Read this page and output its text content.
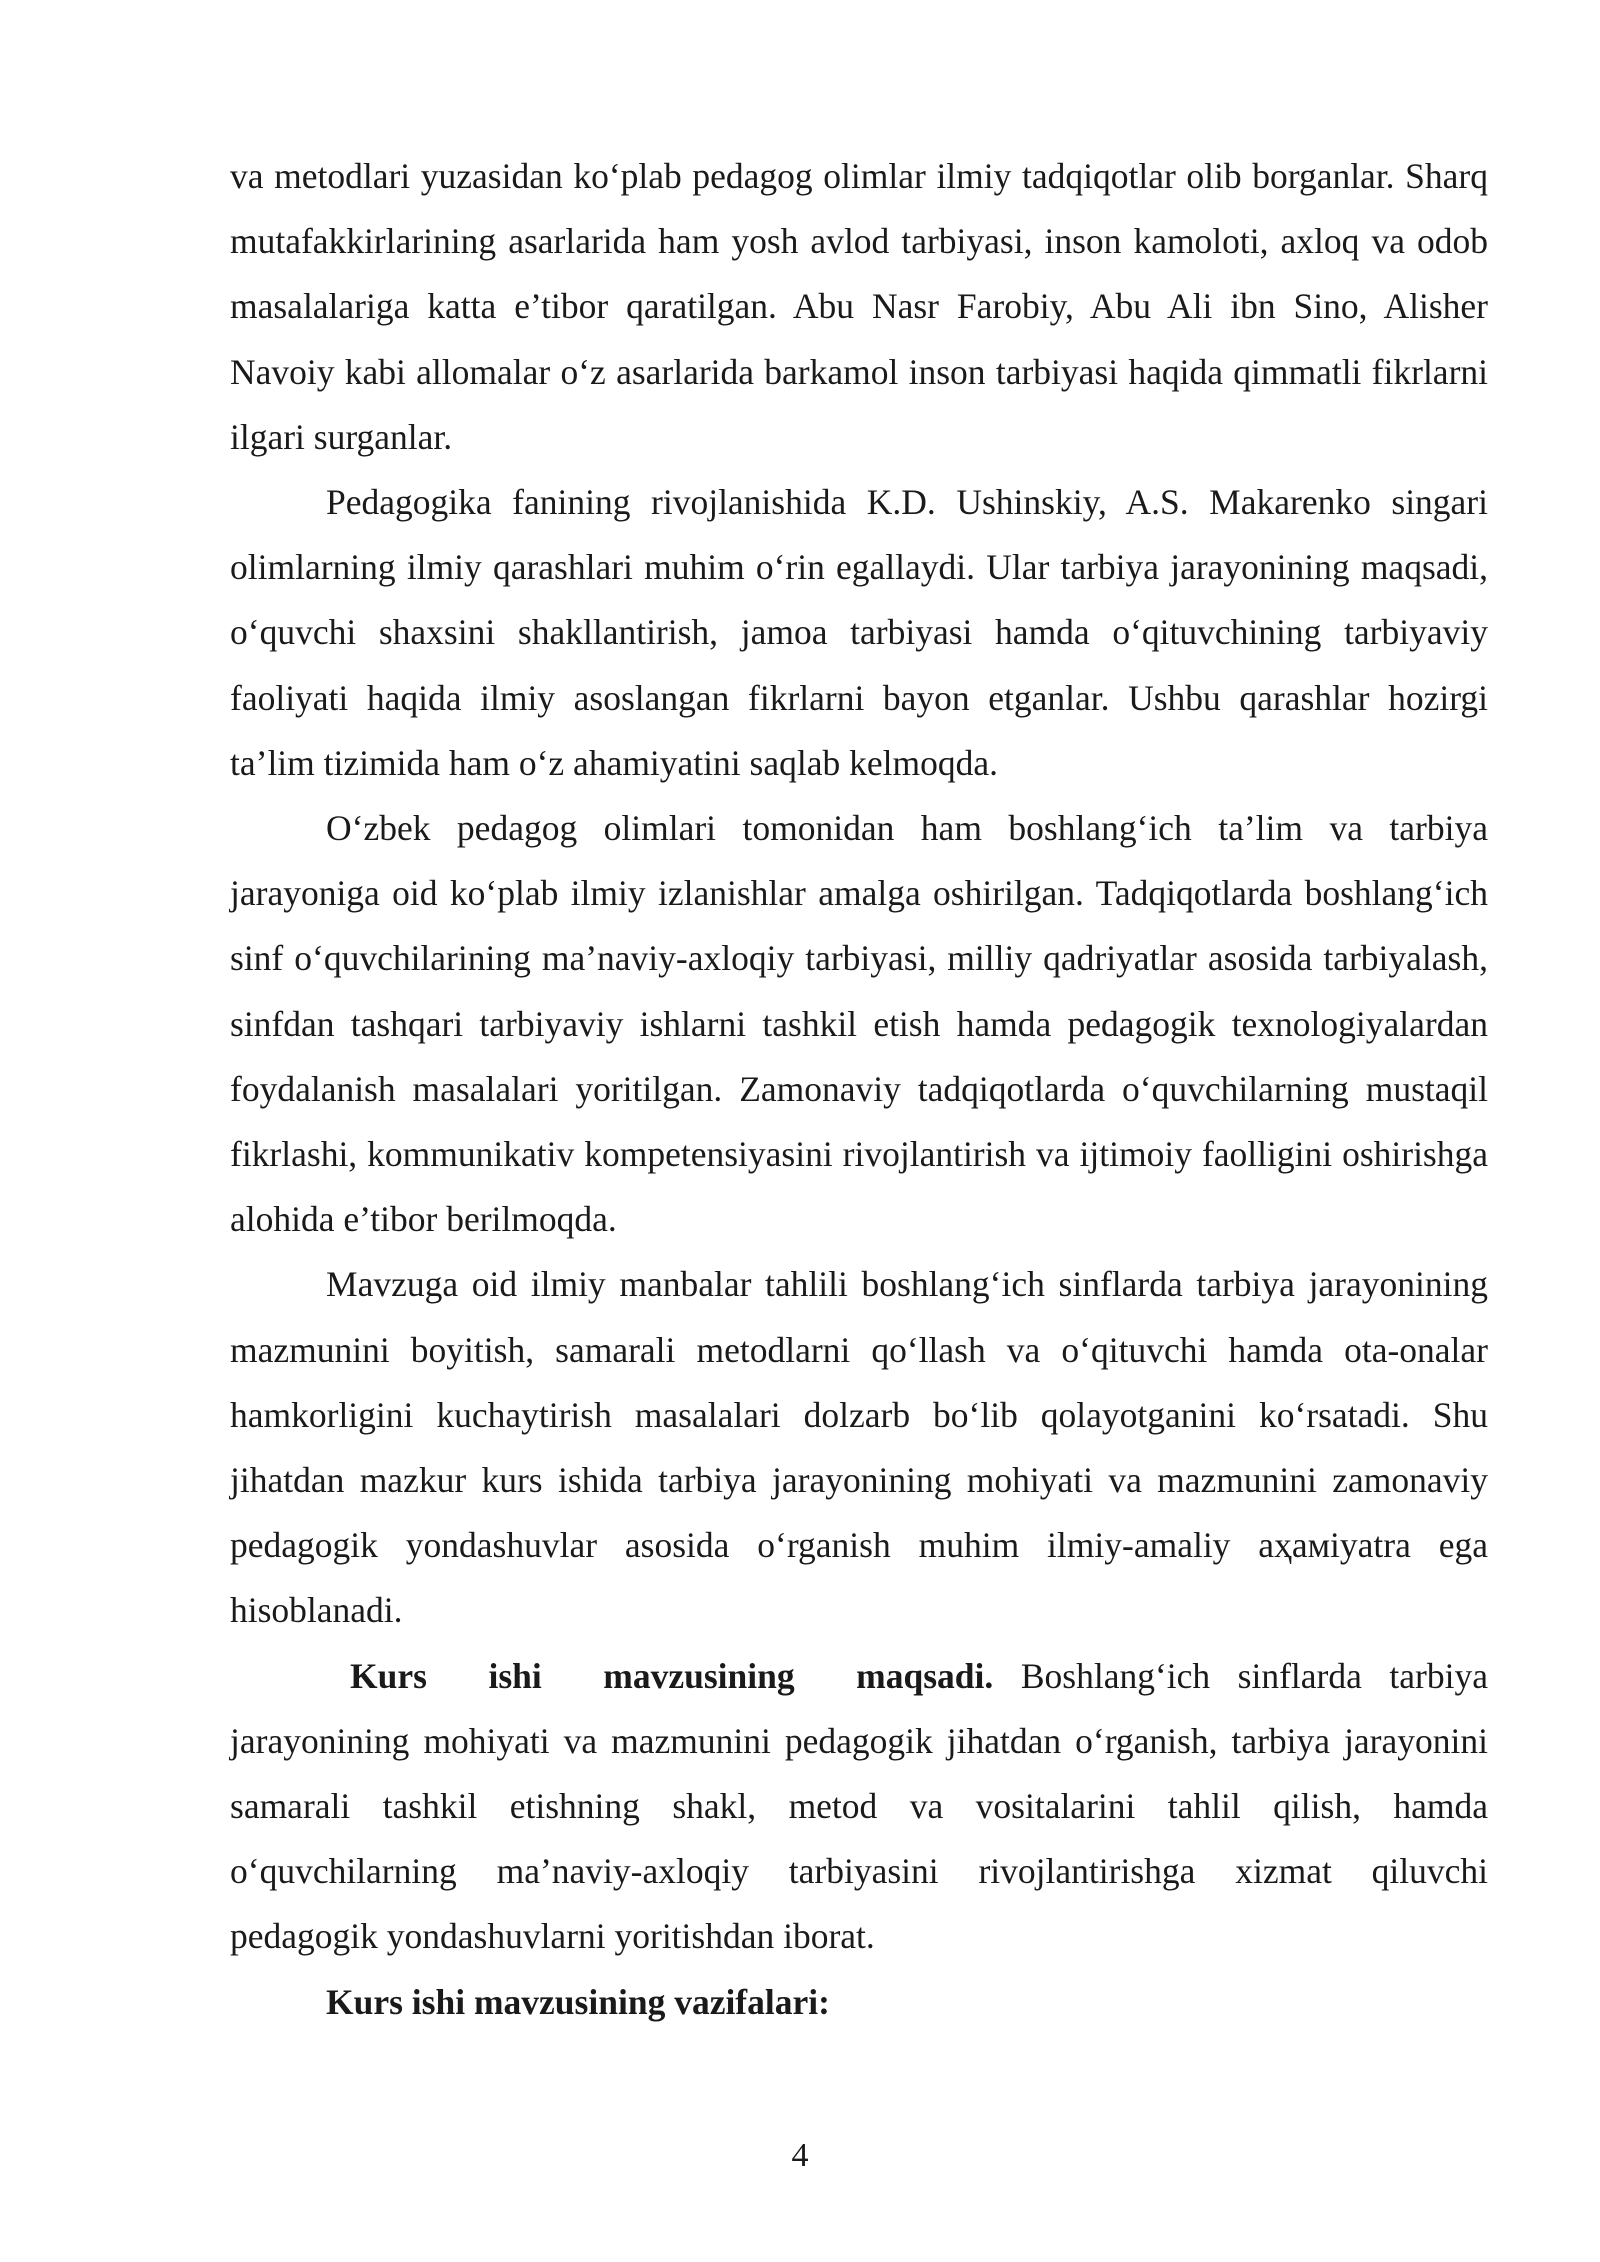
va metodlari yuzasidan ko‘plab pedagog olimlar ilmiy tadqiqotlar olib borganlar. Sharq mutafakkirlarining asarlarida ham yosh avlod tarbiyasi, inson kamoloti, axloq va odob masalalariga katta e’tibor qaratilgan. Abu Nasr Farobiy, Abu Ali ibn Sino, Alisher Navoiy kabi allomalar o‘z asarlarida barkamol inson tarbiyasi haqida qimmatli fikrlarni ilgari surganlar.

Pedagogika fanining rivojlanishida K.D. Ushinskiy, A.S. Makarenko singari olimlarning ilmiy qarashlari muhim o‘rin egallaydi. Ular tarbiya jarayonining maqsadi, o‘quvchi shaxsini shakllantirish, jamoa tarbiyasi hamda o‘qituvchining tarbiyaviy faoliyati haqida ilmiy asoslangan fikrlarni bayon etganlar. Ushbu qarashlar hozirgi ta’lim tizimida ham o‘z ahamiyatini saqlab kelmoqda.

O‘zbek pedagog olimlari tomonidan ham boshlang‘ich ta’lim va tarbiya jarayoniga oid ko‘plab ilmiy izlanishlar amalga oshirilgan. Tadqiqotlarda boshlang‘ich sinf o‘quvchilarining ma’naviy-axloqiy tarbiyasi, milliy qadriyatlar asosida tarbiyalash, sinfdan tashqari tarbiyaviy ishlarni tashkil etish hamda pedagogik texnologiyalardan foydalanish masalalari yoritilgan. Zamonaviy tadqiqotlarda o‘quvchilarning mustaqil fikrlashi, kommunikativ kompetensiyasini rivojlantirish va ijtimoiy faolligini oshirishga alohida e’tibor berilmoqda.

Mavzuga oid ilmiy manbalar tahlili boshlang‘ich sinflarda tarbiya jarayonining mazmunini boyitish, samarali metodlarni qo‘llash va o‘qituvchi hamda ota-onalar hamkorligini kuchaytirish masalalari dolzarb bo‘lib qolayotganini ko‘rsatadi. Shu jihatdan mazkur kurs ishida tarbiya jarayonining mohiyati va mazmunini zamonaviy pedagogik yondashuvlar asosida o‘rganish muhim ilmiy-amaliy aҳамiyatra ega hisoblanadi.

Kurs ishi mavzusining maqsadi. Boshlang‘ich sinflarda tarbiya jarayonining mohiyati va mazmunini pedagogik jihatdan o‘rganish, tarbiya jarayonini samarali tashkil etishning shakl, metod va vositalarini tahlil qilish, hamda o‘quvchilarning ma’naviy-axloqiy tarbiyasini rivojlantirishga xizmat qiluvchi pedagogik yondashuvlarni yoritishdan iborat.

Kurs ishi mavzusining vazifalari:

4
